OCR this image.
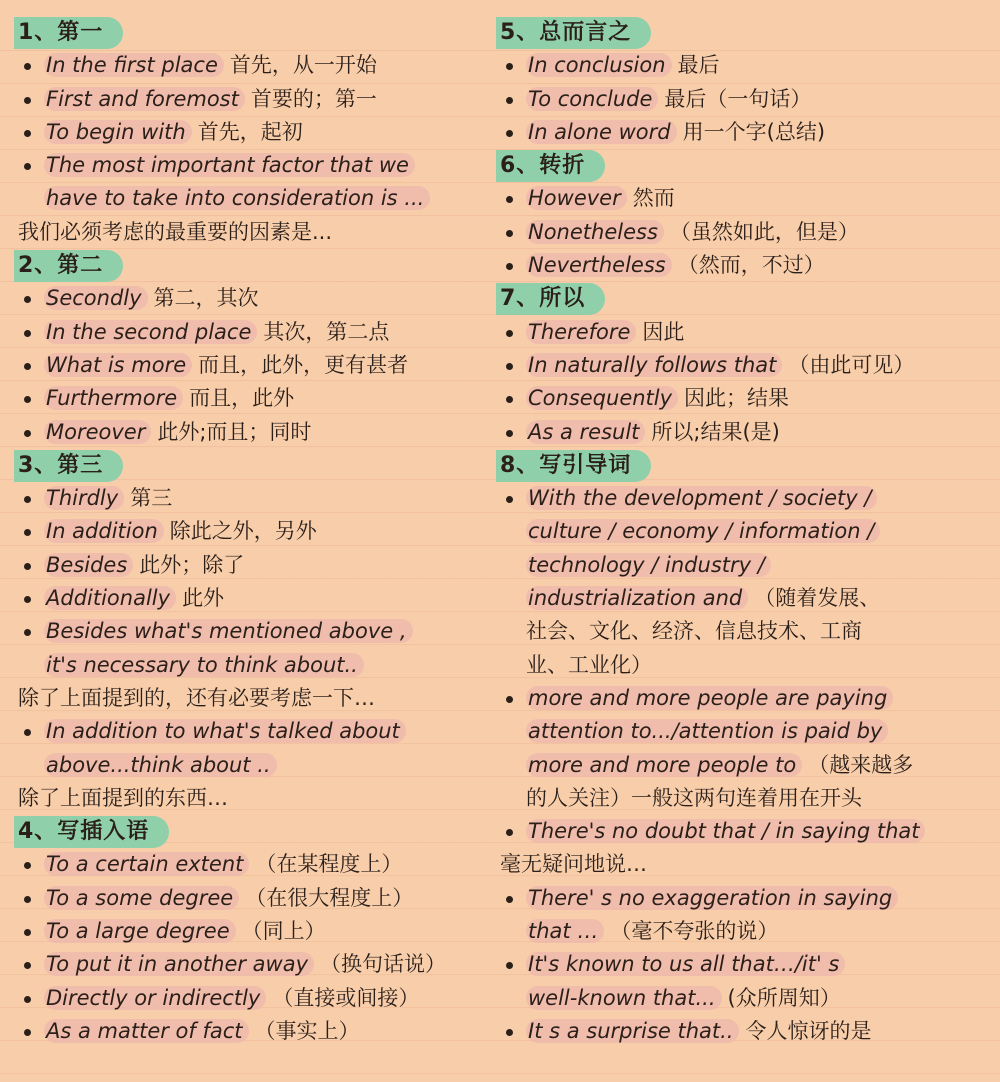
1、第一
In the first place 首先，从一开始
First and foremost 首要的；第一
To begin with 首先，起初
The most important factor that we
have to take into consideration is ...
我们必须考虑的最重要的因素是...
2、第二
Secondly 第二，其次
In the second place 其次，第二点
What is more 而且，此外，更有甚者
Furthermore 而且，此外
Moreover 此外;而且；同时
3、第三
Thirdly 第三
In addition 除此之外，另外
Besides 此外；除了
Additionally 此外
Besides what's mentioned above ,
it's necessary to think about..
除了上面提到的，还有必要考虑一下…
In addition to what's talked about
above...think about ..
除了上面提到的东西…
4、写插入语
To a certain extent （在某程度上）
To a some degree （在很大程度上）
To a large degree （同上）
To put it in another away （换句话说）
Directly or indirectly （直接或间接）
As a matter of fact （事实上）
5、总而言之
In conclusion 最后
To conclude 最后（一句话）
In alone word 用一个字(总结)
6、转折
However 然而
Nonetheless （虽然如此，但是）
Nevertheless （然而，不过）
7、所以
Therefore 因此
In naturally follows that （由此可见）
Consequently 因此；结果
As a result 所以;结果(是)
8、写引导词
With the development / society /
culture / economy / information /
technology / industry /
industrialization and （随着发展、
社会、文化、经济、信息技术、工商
业、工业化）
more and more people are paying
attention to.../attention is paid by
more and more people to （越来越多
的人关注）一般这两句连着用在开头
There's no doubt that / in saying that
毫无疑问地说…
There' s no exaggeration in saying
that … （毫不夸张的说）
It's known to us all that…/it' s
well-known that... (众所周知）
It s a surprise that.. 令人惊讶的是
